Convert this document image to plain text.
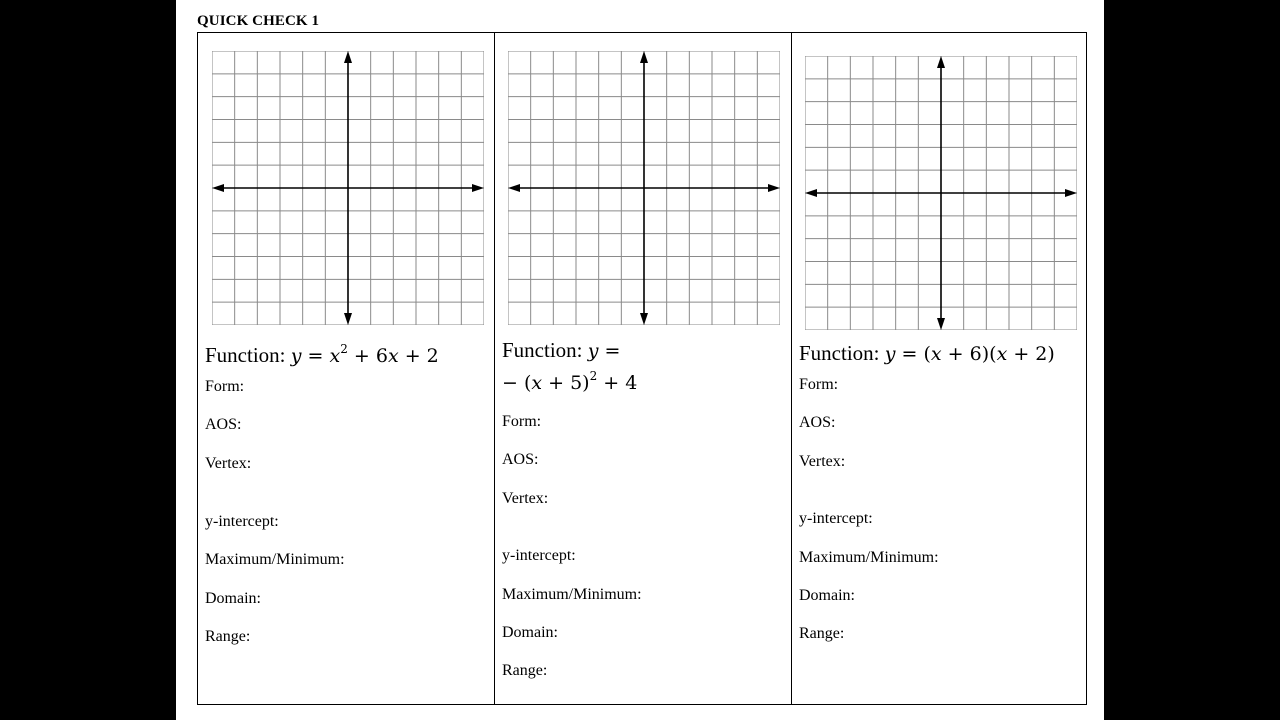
QUICK CHECK 1
Function: $y = x^2 + 6x + 2$
Form:
AOS:
Vertex:
y-intercept:
Maximum/Minimum:
Domain:
Range:
Function: y =
− $(x + 5)^2 + 4$
Form:
AOS:
Vertex:
y-intercept:
Maximum/Minimum:
Domain:
Range:
Function: y = (x + 6)(x + 2)
Form:
AOS:
Vertex:
y-intercept:
Maximum/Minimum:
Domain:
Range:
